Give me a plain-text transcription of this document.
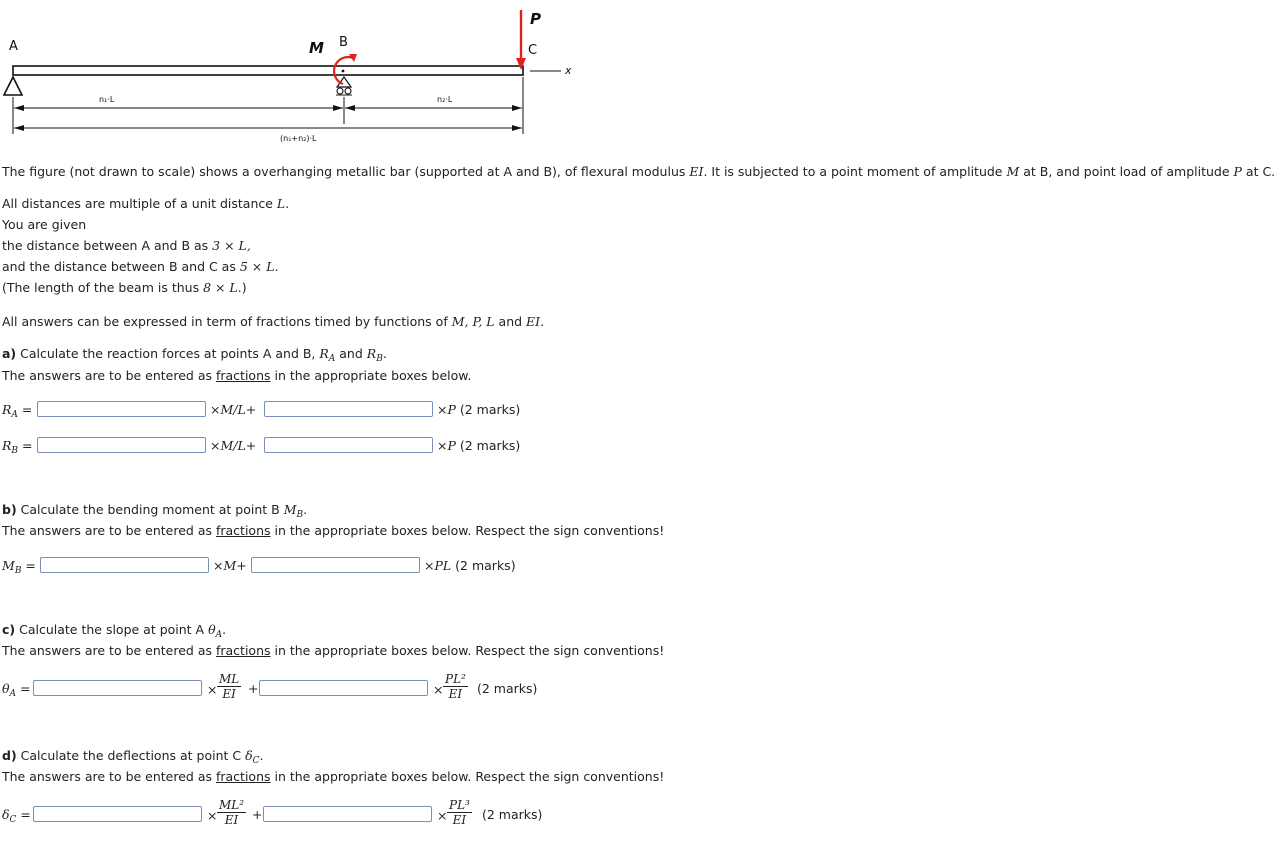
A	B
C
M
P
x
n₁·L	n₂·L
(n₁+n₂)·L
The figure (not drawn to scale) shows a overhanging metallic bar (supported at A and B), of flexural modulus EI. It is subjected to a point moment of amplitude M at B, and point load of amplitude P at C.
All distances are multiple of a unit distance L.
You are given
the distance between A and B as 3 × L,
and the distance between B and C as 5 × L.
(The length of the beam is thus 8 × L.)
All answers can be expressed in term of fractions timed by functions of M, P, L and EI.
a) Calculate the reaction forces at points A and B, $R_A$ and $R_B$.
The answers are to be entered as fractions in the appropriate boxes below.
$R_A$ =	×M/L+	×P (2 marks)
$R_B$ =	×M/L+	×P (2 marks)
b) Calculate the bending moment at point B $M_B$.
The answers are to be entered as fractions in the appropriate boxes below. Respect the sign conventions!
$M_B$ =	×M+	×PL (2 marks)
c) Calculate the slope at point A $\theta_A$.
The answers are to be entered as fractions in the appropriate boxes below. Respect the sign conventions!
$\theta_A$ =	× $\frac{ML}{EI}$ +	× $\frac{\text{PL²}}{EI} (2$ marks)
d) Calculate the deflections at point C $\delta_C$.
The answers are to be entered as fractions in the appropriate boxes below. Respect the sign conventions!
$\delta_C$ =	× $\frac{\text{ML²}}{EI}$ +	× $\frac{\text{PL³}}{EI} (2$ marks)
